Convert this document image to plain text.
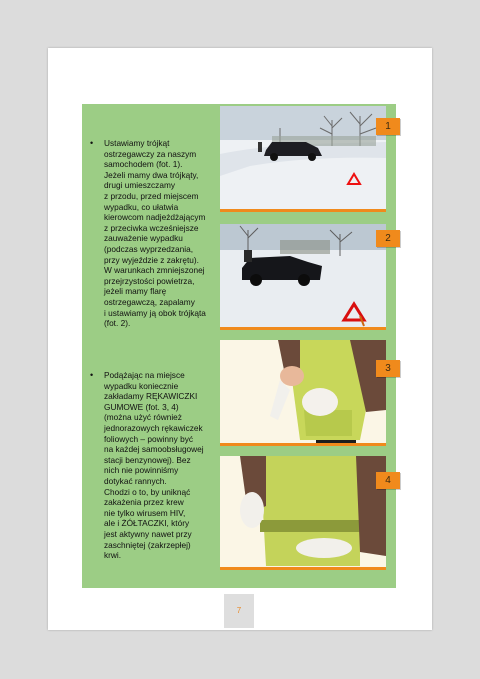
• Ustawiamy trójkąt
ostrzegawczy za naszym
samochodem (fot. 1).
Jeżeli mamy dwa trójkąty,
drugi umieszczamy
z przodu, przed miejscem
wypadku, co ułatwia
kierowcom nadjeżdżającym
z przeciwka wcześniejsze
zauważenie wypadku
(podczas wyprzedzania,
przy wyjeździe z zakrętu).
W warunkach zmniejszonej
przejrzystości powietrza,
jeżeli mamy flarę
ostrzegawczą, zapalamy
i ustawiamy ją obok trójkąta
(fot. 2).
• Podążając na miejsce
wypadku koniecznie
zakładamy RĘKAWICZKI
GUMOWE (fot. 3, 4)
(można użyć również
jednorazowych rękawiczek
foliowych – powinny być
na każdej samoobsługowej
stacji benzynowej). Bez
nich nie powinniśmy
dotykać rannych.
Chodzi o to, by uniknąć
zakażenia przez krew
nie tylko wirusem HIV,
ale i ŻÓŁTACZKI, który
jest aktywny nawet przy
zaschniętej (zakrzepłej)
krwi.
1
2
3
4
7
